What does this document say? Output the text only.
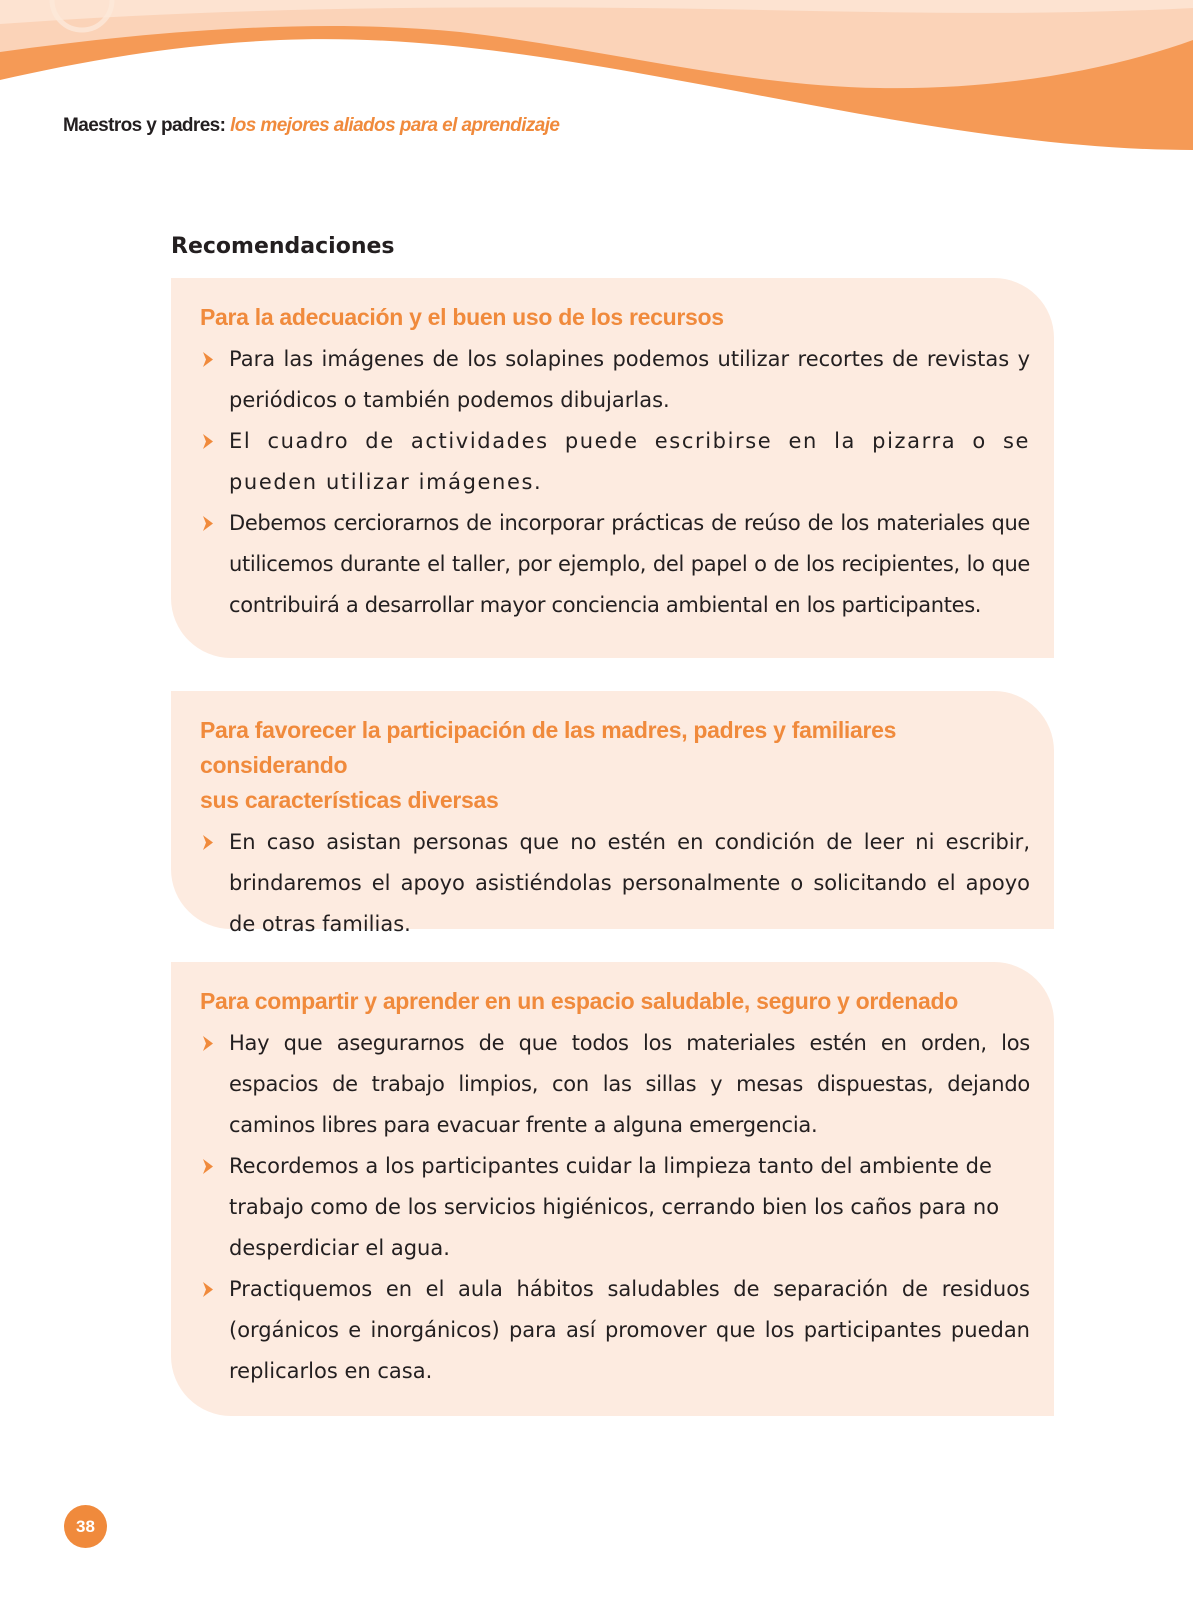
Maestros y padres: los mejores aliados para el aprendizaje
Recomendaciones
Para la adecuación y el buen uso de los recursos
Para las imágenes de los solapines podemos utilizar recortes de revistas y periódicos o también podemos dibujarlas.
El cuadro de actividades puede escribirse en la pizarra o se pueden utilizar imágenes.
Debemos cerciorarnos de incorporar prácticas de reúso de los materiales que utilicemos durante el taller, por ejemplo, del papel o de los recipientes, lo que contribuirá a desarrollar mayor conciencia ambiental en los participantes.
Para favorecer la participación de las madres, padres y familiares considerando
sus características diversas
En caso asistan personas que no estén en condición de leer ni escribir, brindaremos el apoyo asistiéndolas personalmente o solicitando el apoyo de otras familias.
Para compartir y aprender en un espacio saludable, seguro y ordenado
Hay que asegurarnos de que todos los materiales estén en orden, los espacios de trabajo limpios, con las sillas y mesas dispuestas, dejando caminos libres para evacuar frente a alguna emergencia.
Recordemos a los participantes cuidar la limpieza tanto del ambiente de trabajo como de los servicios higiénicos, cerrando bien los caños para no desperdiciar el agua.
Practiquemos en el aula hábitos saludables de separación de residuos (orgánicos e inorgánicos) para así promover que los participantes puedan replicarlos en casa.
38
